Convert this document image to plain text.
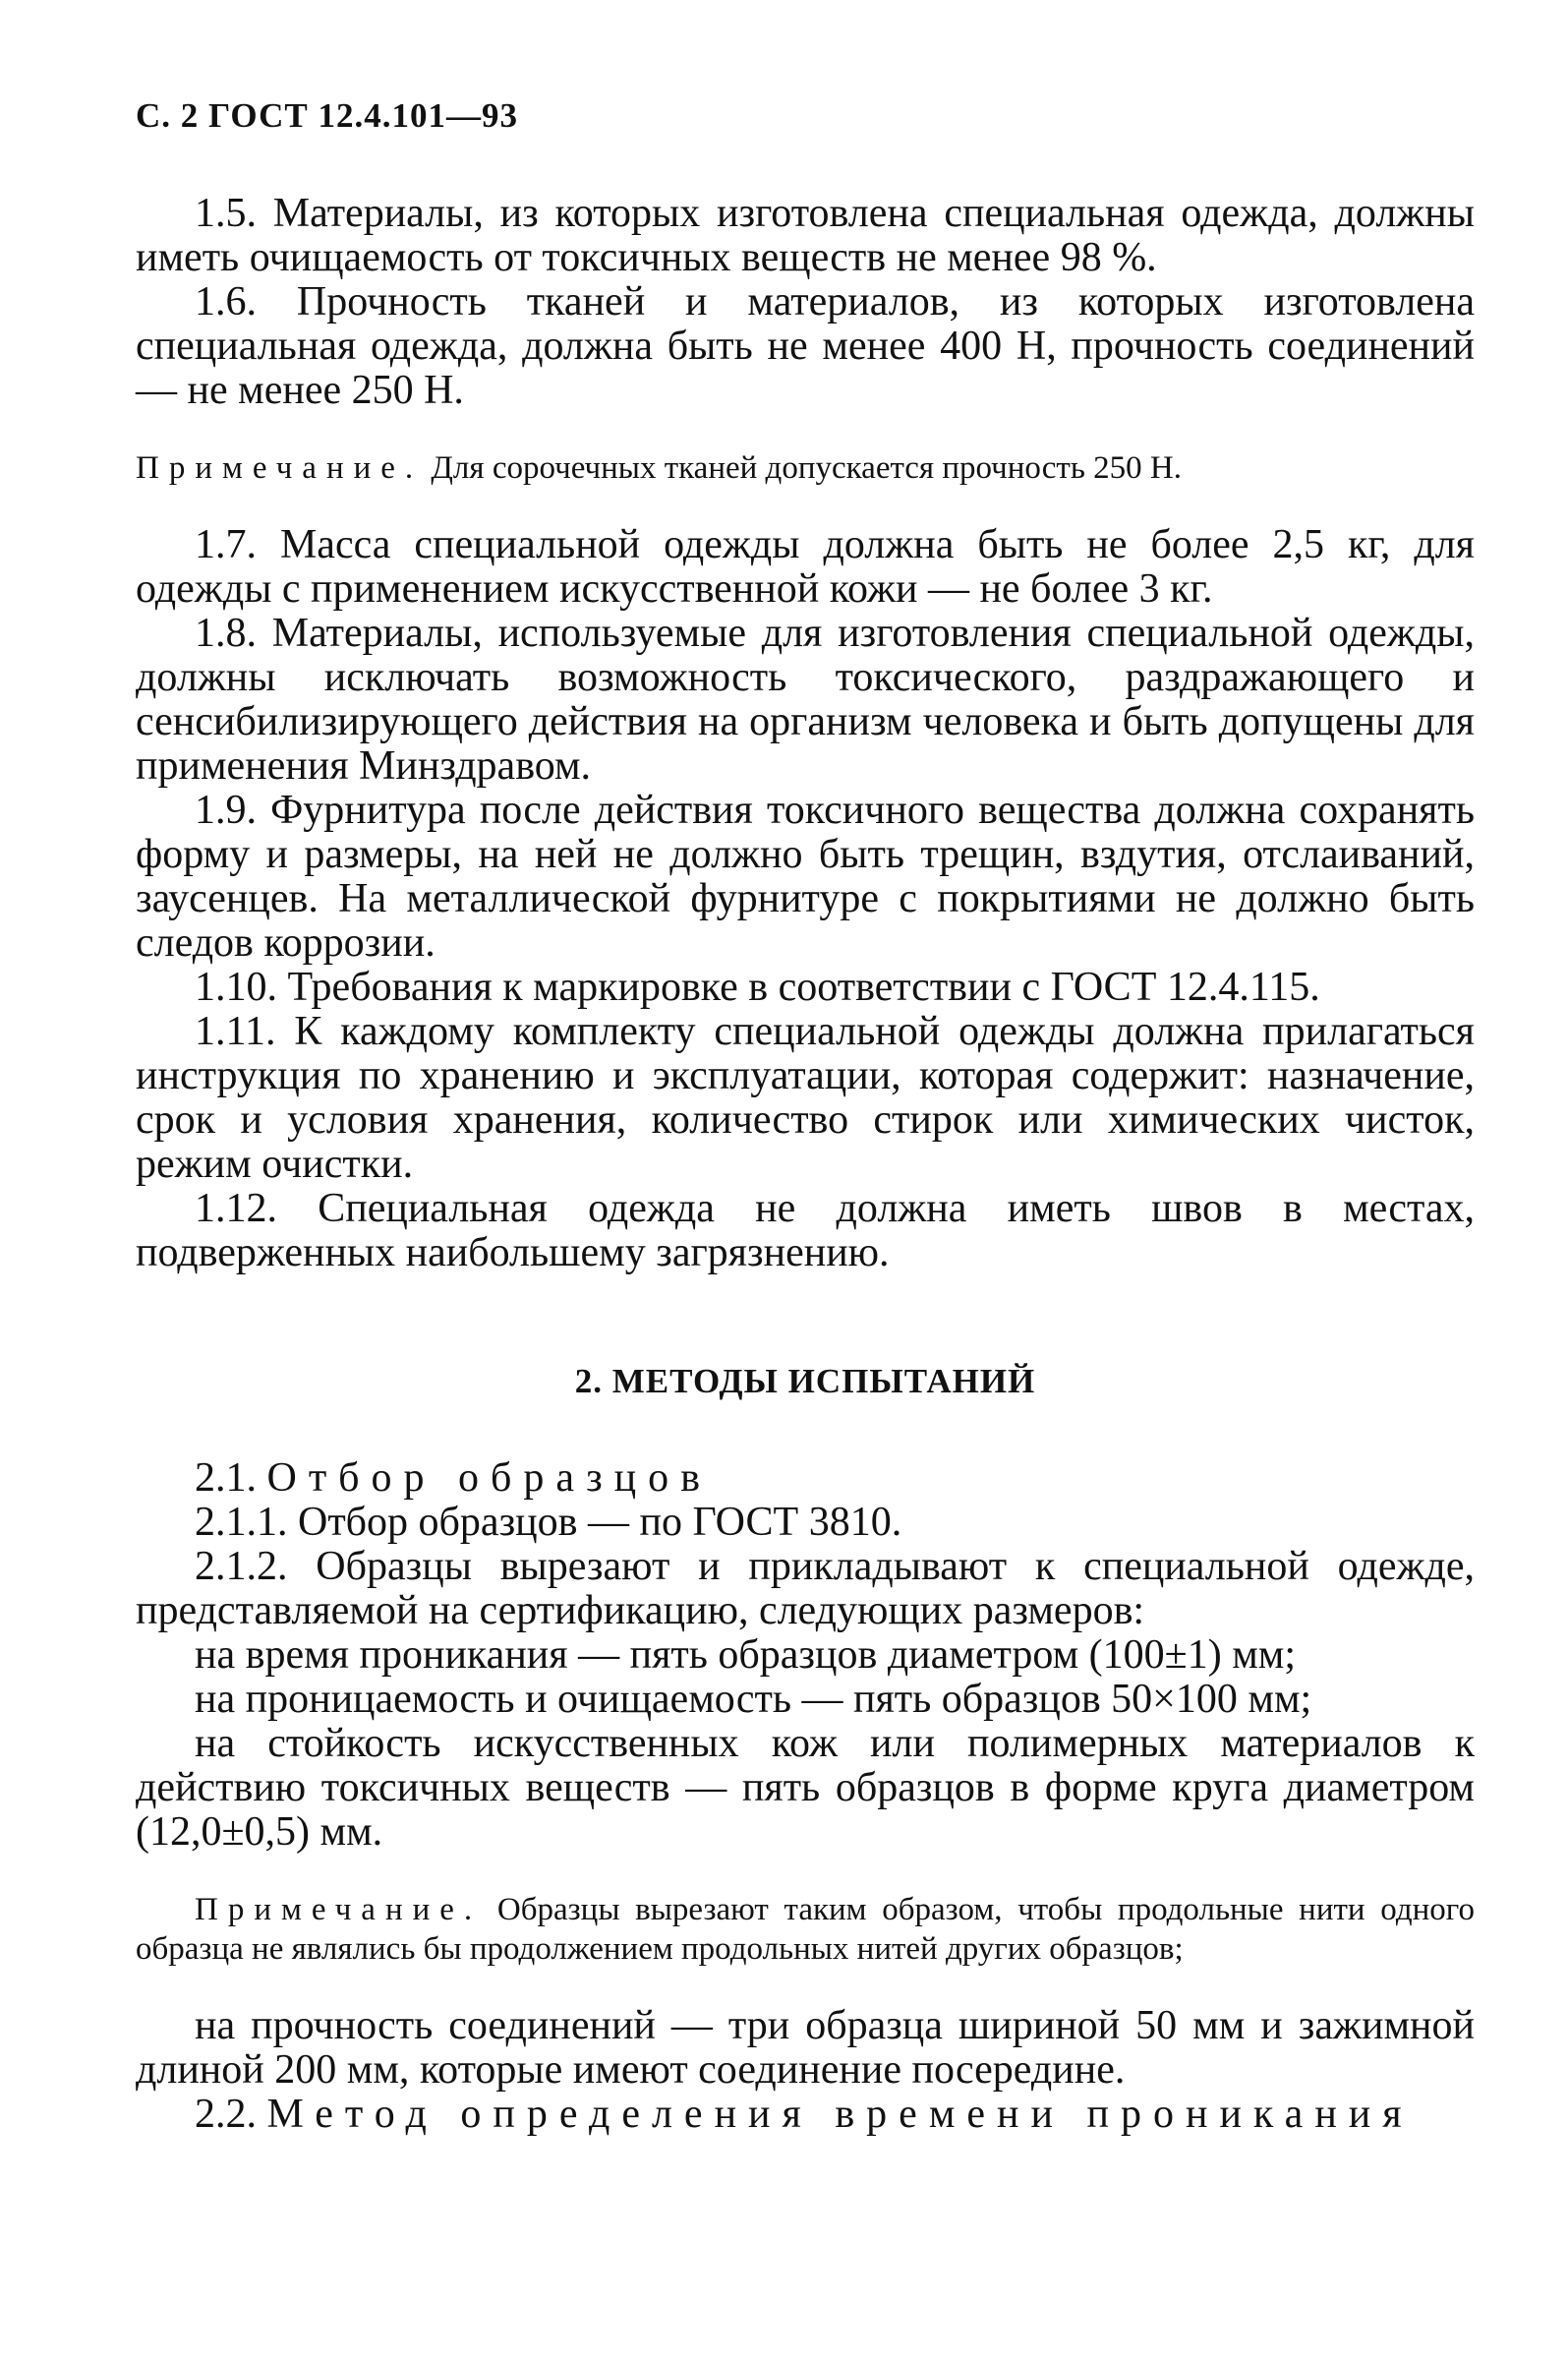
С. 2 ГОСТ 12.4.101—93

1.5. Материалы, из которых изготовлена специальная одежда, должны иметь очищаемость от токсичных веществ не менее 98 %.

1.6. Прочность тканей и материалов, из которых изготовлена специальная одежда, должна быть не менее 400 Н, прочность соединений — не менее 250 Н.

Примечание. Для сорочечных тканей допускается прочность 250 Н.

1.7. Масса специальной одежды должна быть не более 2,5 кг, для одежды с применением искусственной кожи — не более 3 кг.

1.8. Материалы, используемые для изготовления специальной одежды, должны исключать возможность токсического, раздражающего и сенсибилизирующего действия на организм человека и быть допущены для применения Минздравом.

1.9. Фурнитура после действия токсичного вещества должна сохранять форму и размеры, на ней не должно быть трещин, вздутия, отслаиваний, заусенцев. На металлической фурнитуре с покрытиями не должно быть следов коррозии.

1.10. Требования к маркировке в соответствии с ГОСТ 12.4.115.

1.11. К каждому комплекту специальной одежды должна прилагаться инструкция по хранению и эксплуатации, которая содержит: назначение, срок и условия хранения, количество стирок или химических чисток, режим очистки.

1.12. Специальная одежда не должна иметь швов в местах, подверженных наибольшему загрязнению.

2. МЕТОДЫ ИСПЫТАНИЙ

2.1. Отбор образцов

2.1.1. Отбор образцов — по ГОСТ 3810.

2.1.2. Образцы вырезают и прикладывают к специальной одежде, представляемой на сертификацию, следующих размеров:

на время проникания — пять образцов диаметром (100±1) мм;

на проницаемость и очищаемость — пять образцов 50×100 мм;

на стойкость искусственных кож или полимерных материалов к действию токсичных веществ — пять образцов в форме круга диаметром (12,0±0,5) мм.

Примечание. Образцы вырезают таким образом, чтобы продольные нити одного образца не являлись бы продолжением продольных нитей других образцов;

на прочность соединений — три образца шириной 50 мм и зажимной длиной 200 мм, которые имеют соединение посередине.

2.2. Метод определения времени проникания
